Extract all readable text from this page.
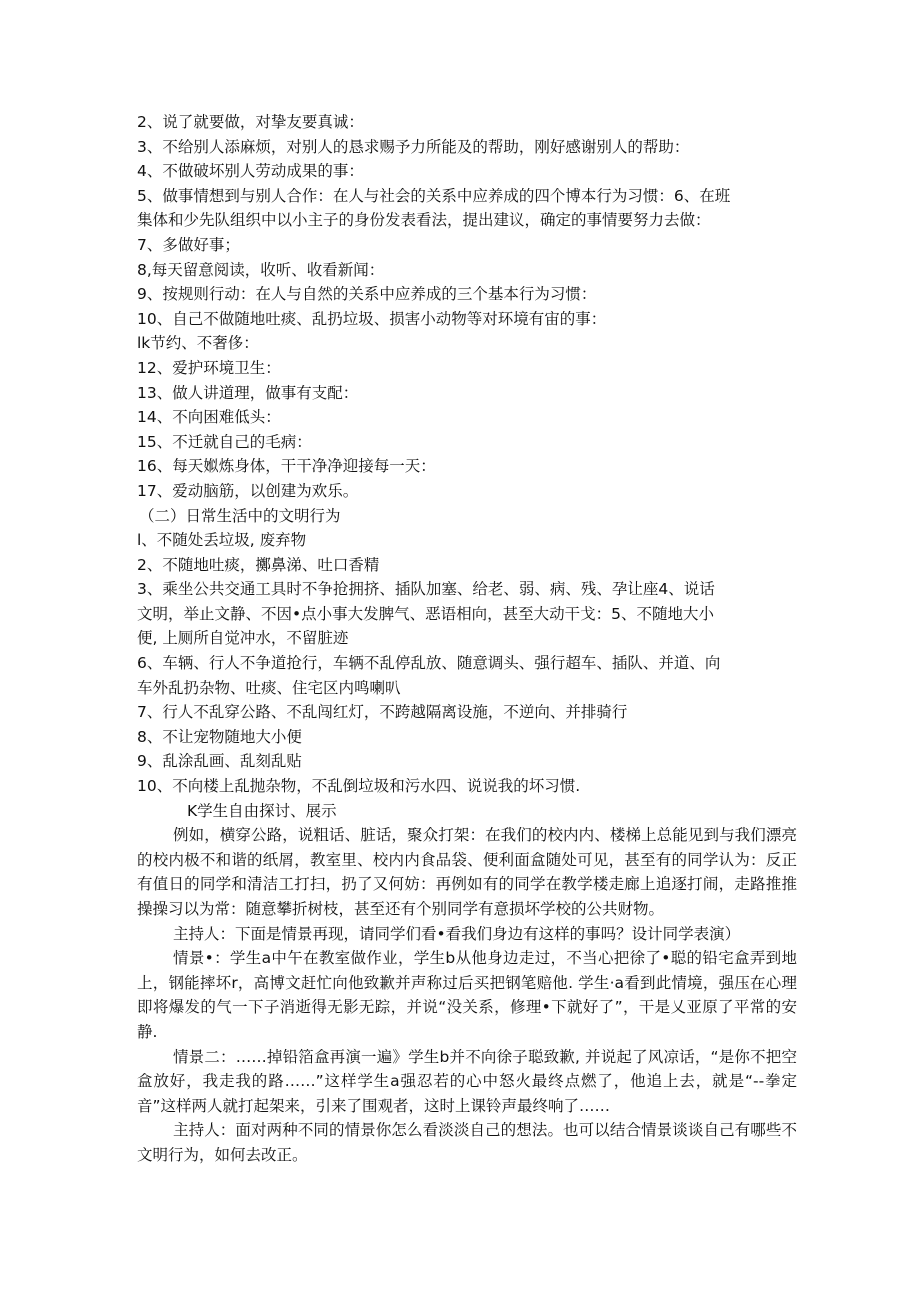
2、说了就要做，对挚友要真诚：
3、不给别人添麻烦，对别人的恳求赐予力所能及的帮助，刚好感谢别人的帮助：
4、不做破坏别人劳动成果的事：
5、做事情想到与别人合作：在人与社会的关系中应养成的四个博本行为习惯：6、在班
集体和少先队组织中以小主子的身份发表看法，提出建议，确定的事情要努力去做：
7、多做好事；
8,每天留意阅读，收听、收看新闻：
9、按规则行动：在人与自然的关系中应养成的三个基本行为习惯：
10、自己不做随地吐痰、乱扔垃圾、损害小动物等对环境有宙的事：
lk节约、不奢侈：
12、爱护环境卫生：
13、做人讲道理，做事有支配：
14、不向困难低头：
15、不迁就自己的毛病：
16、每天娰炼身体，干干净净迎接每一天：
17、爱动脑筋，以创建为欢乐。
（二）日常生活中的文明行为
l、不随处丢垃圾, 废弃物
2、不随地吐痰，擲鼻涕、吐口香精
3、乘坐公共交通工具时不争抢拥挤、插队加塞、给老、弱、病、残、孕让座4、说话
文明，举止文静、不因•点小事大发脾气、恶语相向，甚至大动干戈：5、不随地大小
便, 上厕所自觉冲水，不留脏迹
6、车辆、行人不争道抢行，车辆不乱停乱放、随意调头、强行超车、插队、并道、向
车外乱扔杂物、吐痰、住宅区内鸣喇叭
7、行人不乱穿公路、不乱闯红灯，不跨越隔离设施，不逆向、并排骑行
8、不让宠物随地大小便
9、乱涂乱画、乱刻乱贴
10、不向楼上乱抛杂物，不乱倒垃圾和污水四、说说我的坏习惯.
K学生自由探讨、展示

例如，横穿公路，说粗话、脏话，聚众打架：在我们的校内内、楼梯上总能见到与我们漂亮的校内极不和谐的纸屑，教室里、校内内食品袋、便利面盒随处可见，甚至有的同学认为：反正有值日的同学和清洁工打扫，扔了又何妨：再例如有的同学在教学楼走廊上追逐打闹，走路推推操操习以为常：随意攀折树枝，甚至还有个别同学有意损坏学校的公共财物。

主持人：下面是情景再现，请同学们看•看我们身边有这样的事吗？设计同学表演）

情景•：学生a中午在教室做作业，学生b从他身边走过，不当心把徐了•聪的铅宅盒弄到地上，钢能摔坏r，高博文赶忙向他致歉并声称过后买把钢笔赔他. 学生·a看到此情境，强压在心理即将爆发的气一下子消逝得无影无踪，并说“没关系，修理•下就好了”，干是乂亚原了平常的安静.

情景二：……掉铅箔盒再演一遍》学生b并不向徐子聪致歉, 并说起了风凉话，“是你不把空盒放好，我走我的路……”这样学生a强忍若的心中怒火最终点燃了，他追上去，就是“--拳定音”这样两人就打起架来，引来了围观者，这时上课铃声最终响了……

主持人：面对两种不同的情景你怎么看淡淡自己的想法。也可以结合情景谈谈自己有哪些不文明行为，如何去改正。
